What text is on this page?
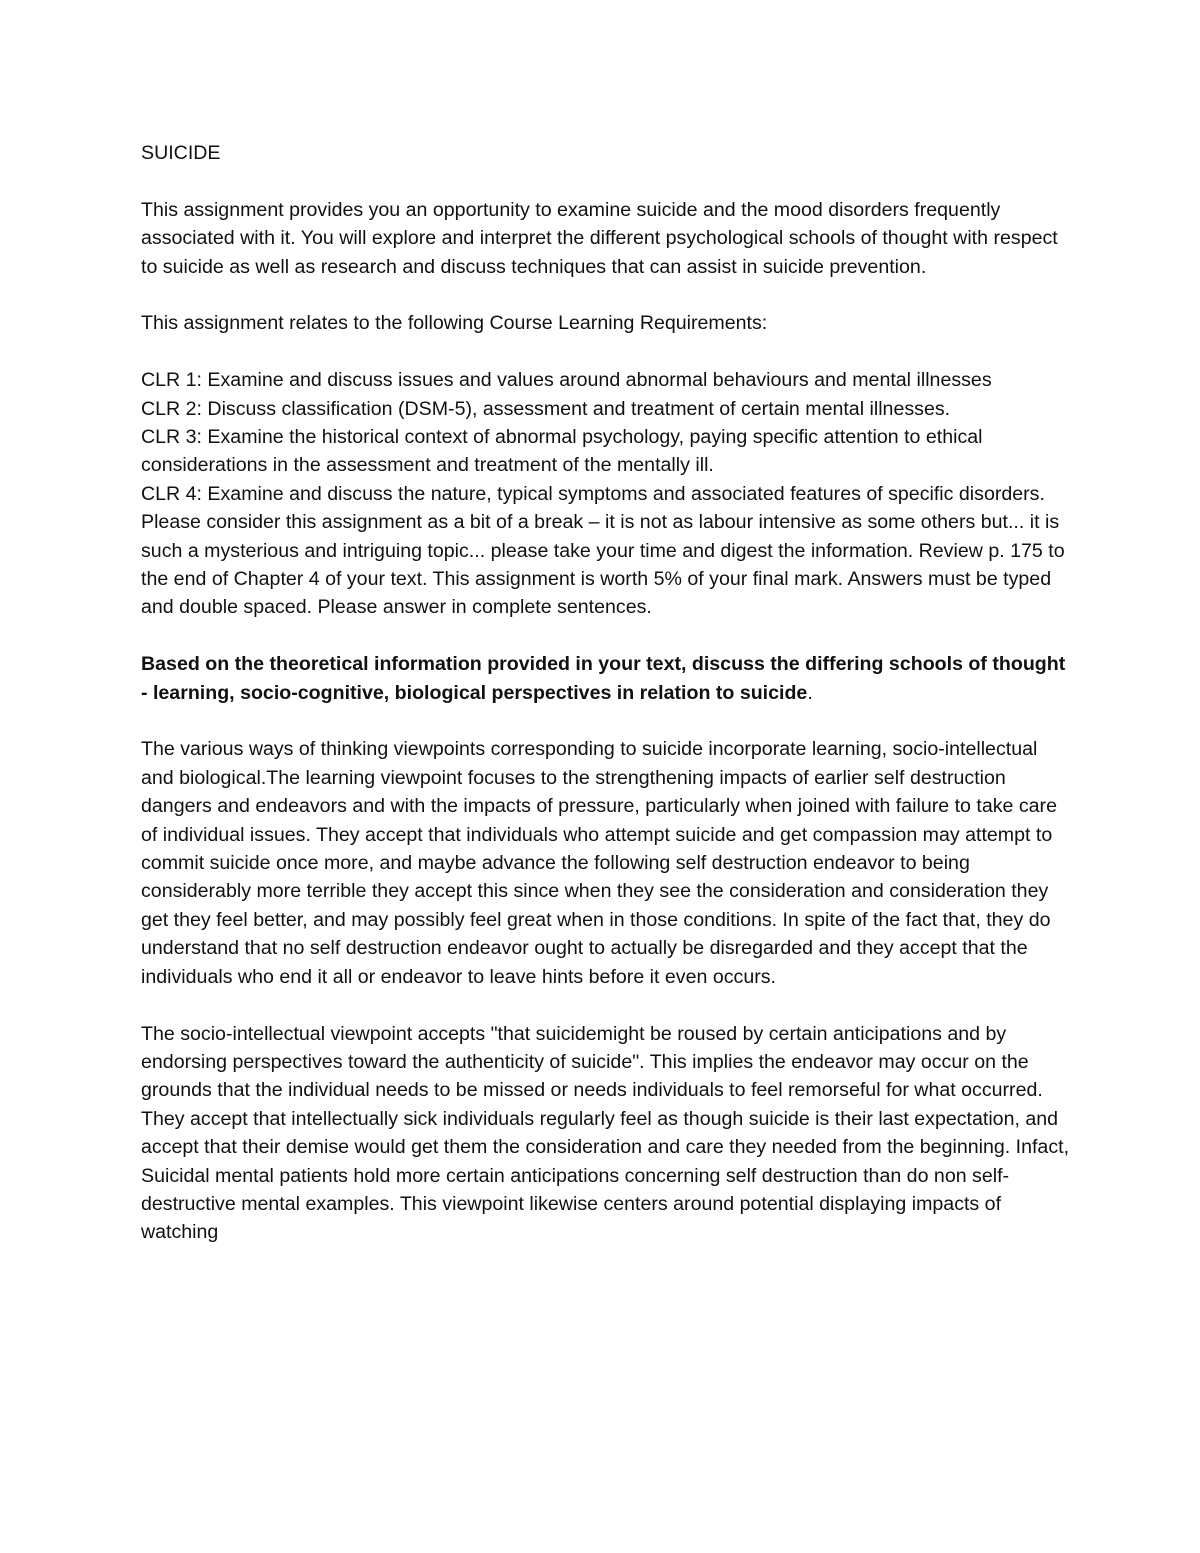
SUICIDE

This assignment provides you an opportunity to examine suicide and the mood disorders frequently associated with it. You will explore and interpret the different psychological schools of thought with respect to suicide as well as research and discuss techniques that can assist in suicide prevention.

This assignment relates to the following Course Learning Requirements:

CLR 1: Examine and discuss issues and values around abnormal behaviours and mental illnesses

CLR 2: Discuss classification (DSM-5), assessment and treatment of certain mental illnesses.

CLR 3: Examine the historical context of abnormal psychology, paying specific attention to ethical considerations in the assessment and treatment of the mentally ill.

CLR 4: Examine and discuss the nature, typical symptoms and associated features of specific disorders.

Please consider this assignment as a bit of a break – it is not as labour intensive as some others but... it is such a mysterious and intriguing topic... please take your time and digest the information. Review p. 175 to the end of Chapter 4 of your text. This assignment is worth 5% of your final mark. Answers must be typed and double spaced. Please answer in complete sentences.

Based on the theoretical information provided in your text, discuss the differing schools of thought - learning, socio-cognitive, biological perspectives in relation to suicide.

The various ways of thinking viewpoints corresponding to suicide incorporate learning, socio-intellectual and biological.The learning viewpoint focuses to the strengthening impacts of earlier self destruction dangers and endeavors and with the impacts of pressure, particularly when joined with failure to take care of individual issues. They accept that individuals who attempt suicide and get compassion may attempt to commit suicide once more, and maybe advance the following self destruction endeavor to being considerably more terrible they accept this since when they see the consideration and consideration they get they feel better, and may possibly feel great when in those conditions. In spite of the fact that, they do understand that no self destruction endeavor ought to actually be disregarded and they accept that the individuals who end it all or endeavor to leave hints before it even occurs.

The socio-intellectual viewpoint accepts "that suicidemight be roused by certain anticipations and by endorsing perspectives toward the authenticity of suicide". This implies the endeavor may occur on the grounds that the individual needs to be missed or needs individuals to feel remorseful for what occurred. They accept that intellectually sick individuals regularly feel as though suicide is their last expectation, and accept that their demise would get them the consideration and care they needed from the beginning. Infact, Suicidal mental patients hold more certain anticipations concerning self destruction than do non self-destructive mental examples. This viewpoint likewise centers around potential displaying impacts of watching
